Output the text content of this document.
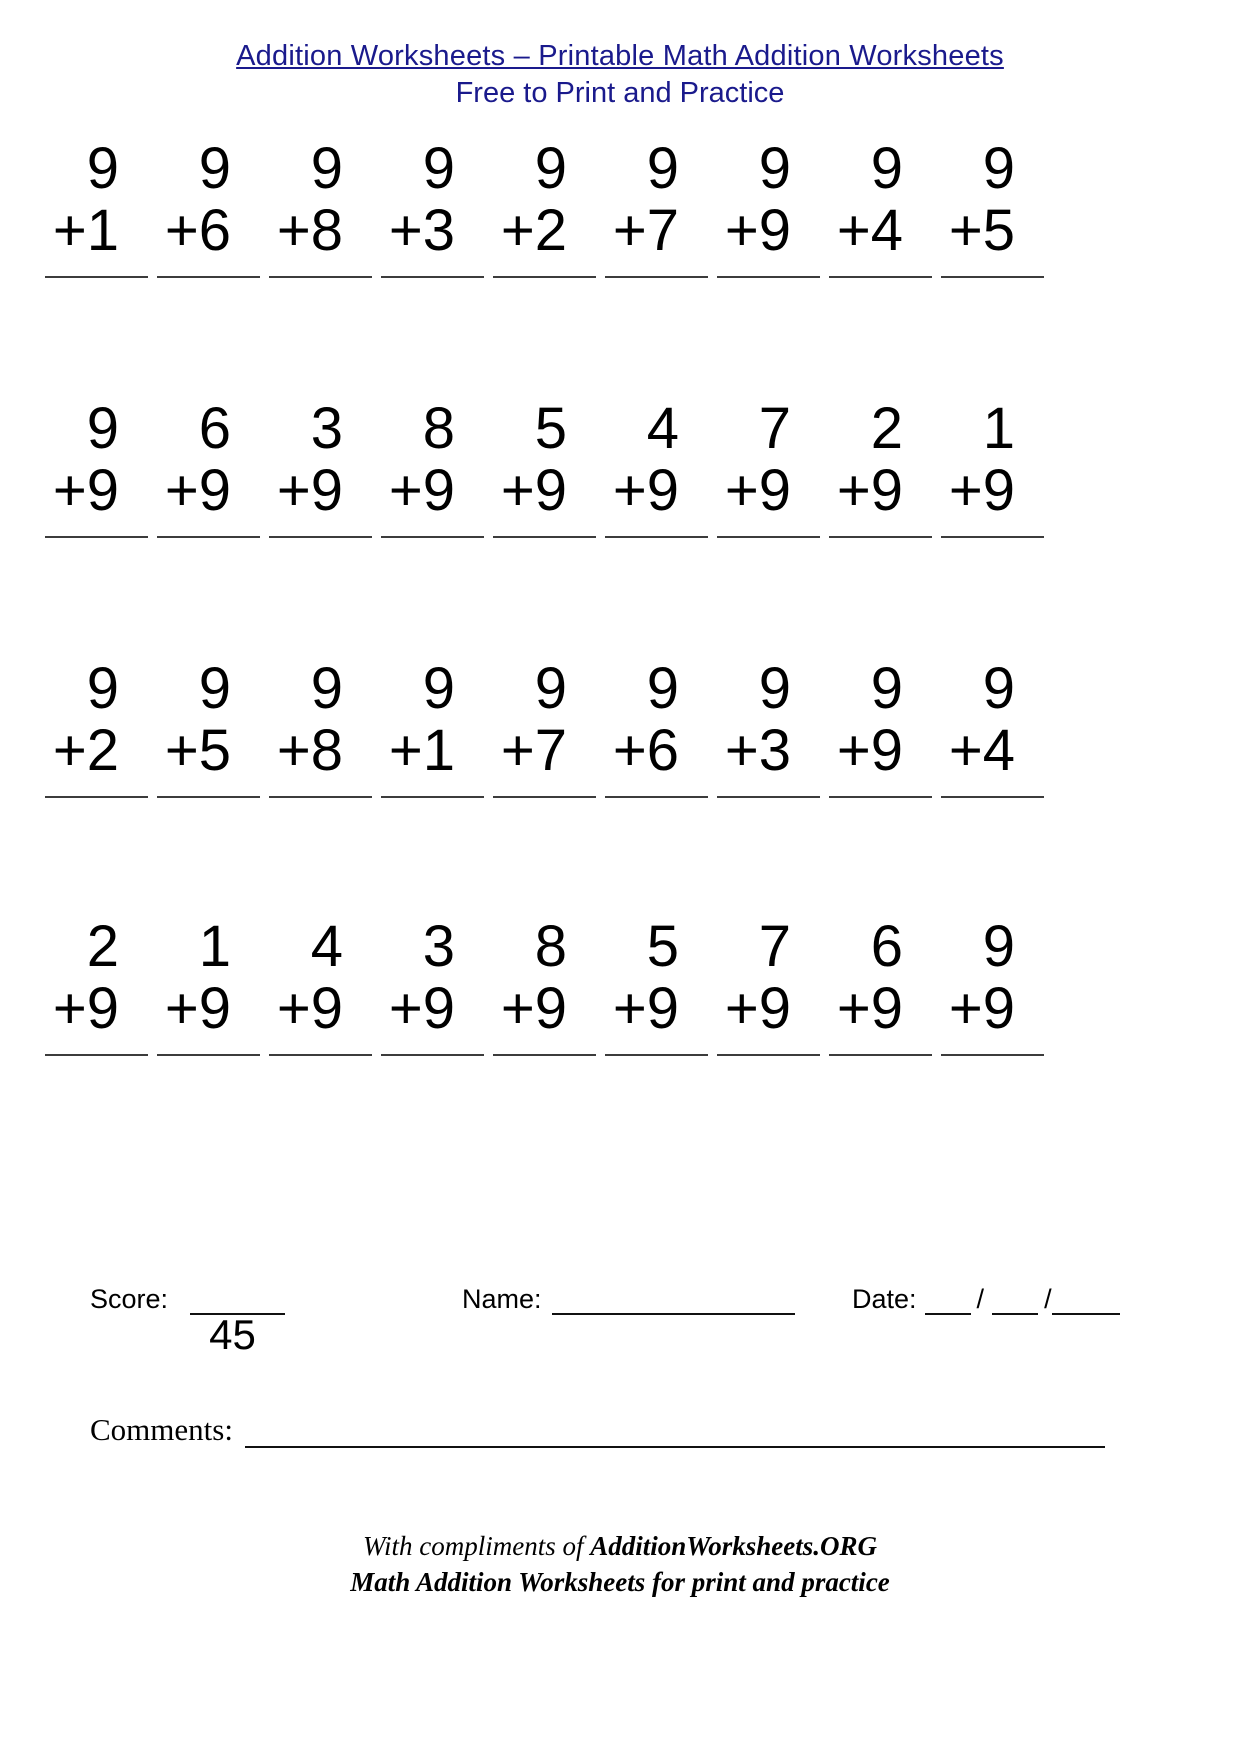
Addition Worksheets – Printable Math Addition Worksheets
Free to Print and Practice
9
+1
9
+6
9
+8
9
+3
9
+2
9
+7
9
+9
9
+4
9
+5
9
+9
6
+9
3
+9
8
+9
5
+9
4
+9
7
+9
2
+9
1
+9
9
+2
9
+5
9
+8
9
+1
9
+7
9
+6
9
+3
9
+9
9
+4
2
+9
1
+9
4
+9
3
+9
8
+9
5
+9
7
+9
6
+9
9
+9
Score:
45
Name:	Date: / /
Comments:
With compliments of AdditionWorksheets.ORG
Math Addition Worksheets for print and practice
